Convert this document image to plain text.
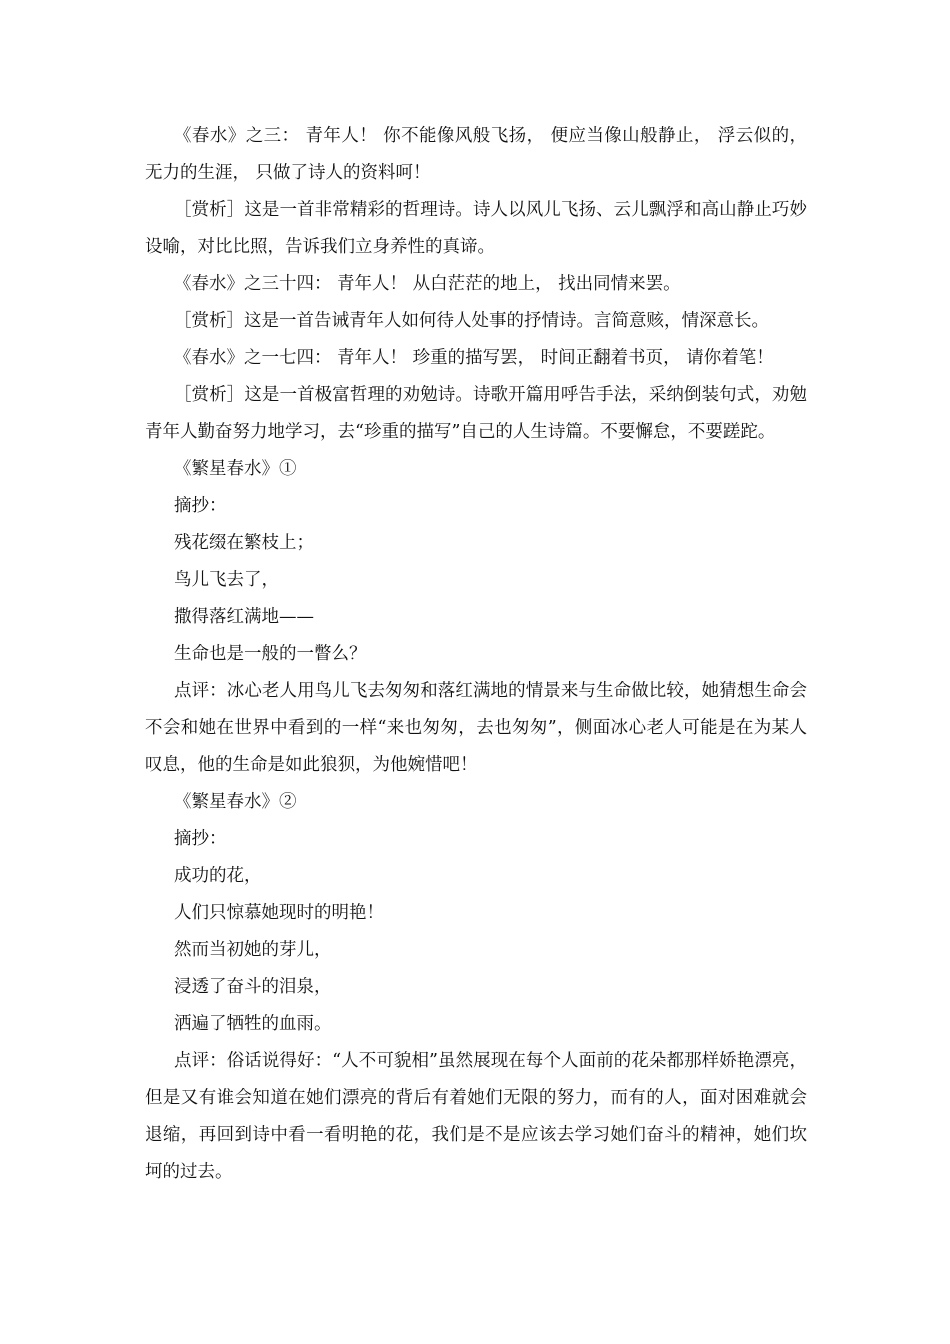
《春水》之三： 青年人！ 你不能像风般飞扬， 便应当像山般静止， 浮云似的， 无力的生涯， 只做了诗人的资料呵！

［赏析］这是一首非常精彩的哲理诗。诗人以风儿飞扬、云儿飘浮和高山静止巧妙设喻，对比比照，告诉我们立身养性的真谛。

《春水》之三十四： 青年人！ 从白茫茫的地上， 找出同情来罢。

［赏析］这是一首告诫青年人如何待人处事的抒情诗。言简意赅，情深意长。

《春水》之一七四： 青年人！ 珍重的描写罢， 时间正翻着书页， 请你着笔！

［赏析］这是一首极富哲理的劝勉诗。诗歌开篇用呼告手法，采纳倒装句式，劝勉青年人勤奋努力地学习，去“珍重的描写”自己的人生诗篇。不要懈怠，不要蹉跎。

《繁星春水》①

摘抄：

残花缀在繁枝上；

鸟儿飞去了，

撒得落红满地——

生命也是一般的一瞥么？

点评：冰心老人用鸟儿飞去匆匆和落红满地的情景来与生命做比较，她猜想生命会不会和她在世界中看到的一样“来也匆匆，去也匆匆”，侧面冰心老人可能是在为某人叹息，他的生命是如此狼狈，为他婉惜吧！

《繁星春水》②

摘抄：

成功的花，

人们只惊慕她现时的明艳！

然而当初她的芽儿，

浸透了奋斗的泪泉，

洒遍了牺牲的血雨。

点评：俗话说得好：“人不可貌相”虽然展现在每个人面前的花朵都那样娇艳漂亮，但是又有谁会知道在她们漂亮的背后有着她们无限的努力，而有的人，面对困难就会退缩，再回到诗中看一看明艳的花，我们是不是应该去学习她们奋斗的精神，她们坎坷的过去。
